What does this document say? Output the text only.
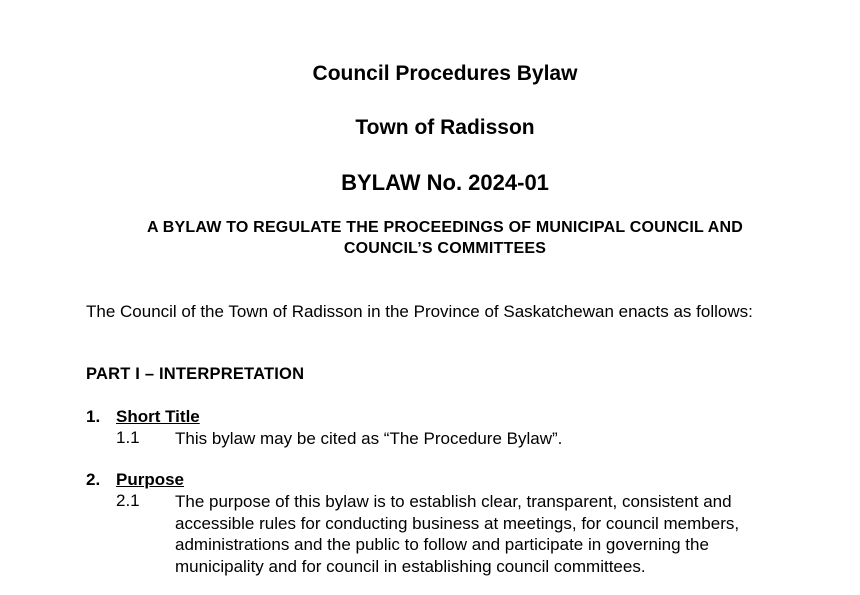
Council Procedures Bylaw
Town of Radisson
BYLAW No. 2024-01
A BYLAW TO REGULATE THE PROCEEDINGS OF MUNICIPAL COUNCIL AND
COUNCIL’S COMMITTEES
The Council of the Town of Radisson in the Province of Saskatchewan enacts as follows:
PART I – INTERPRETATION
1. Short Title
1.1 This bylaw may be cited as “The Procedure Bylaw”.
2. Purpose
2.1 The purpose of this bylaw is to establish clear, transparent, consistent and accessible rules for conducting business at meetings, for council members, administrations and the public to follow and participate in governing the municipality and for council in establishing council committees.
